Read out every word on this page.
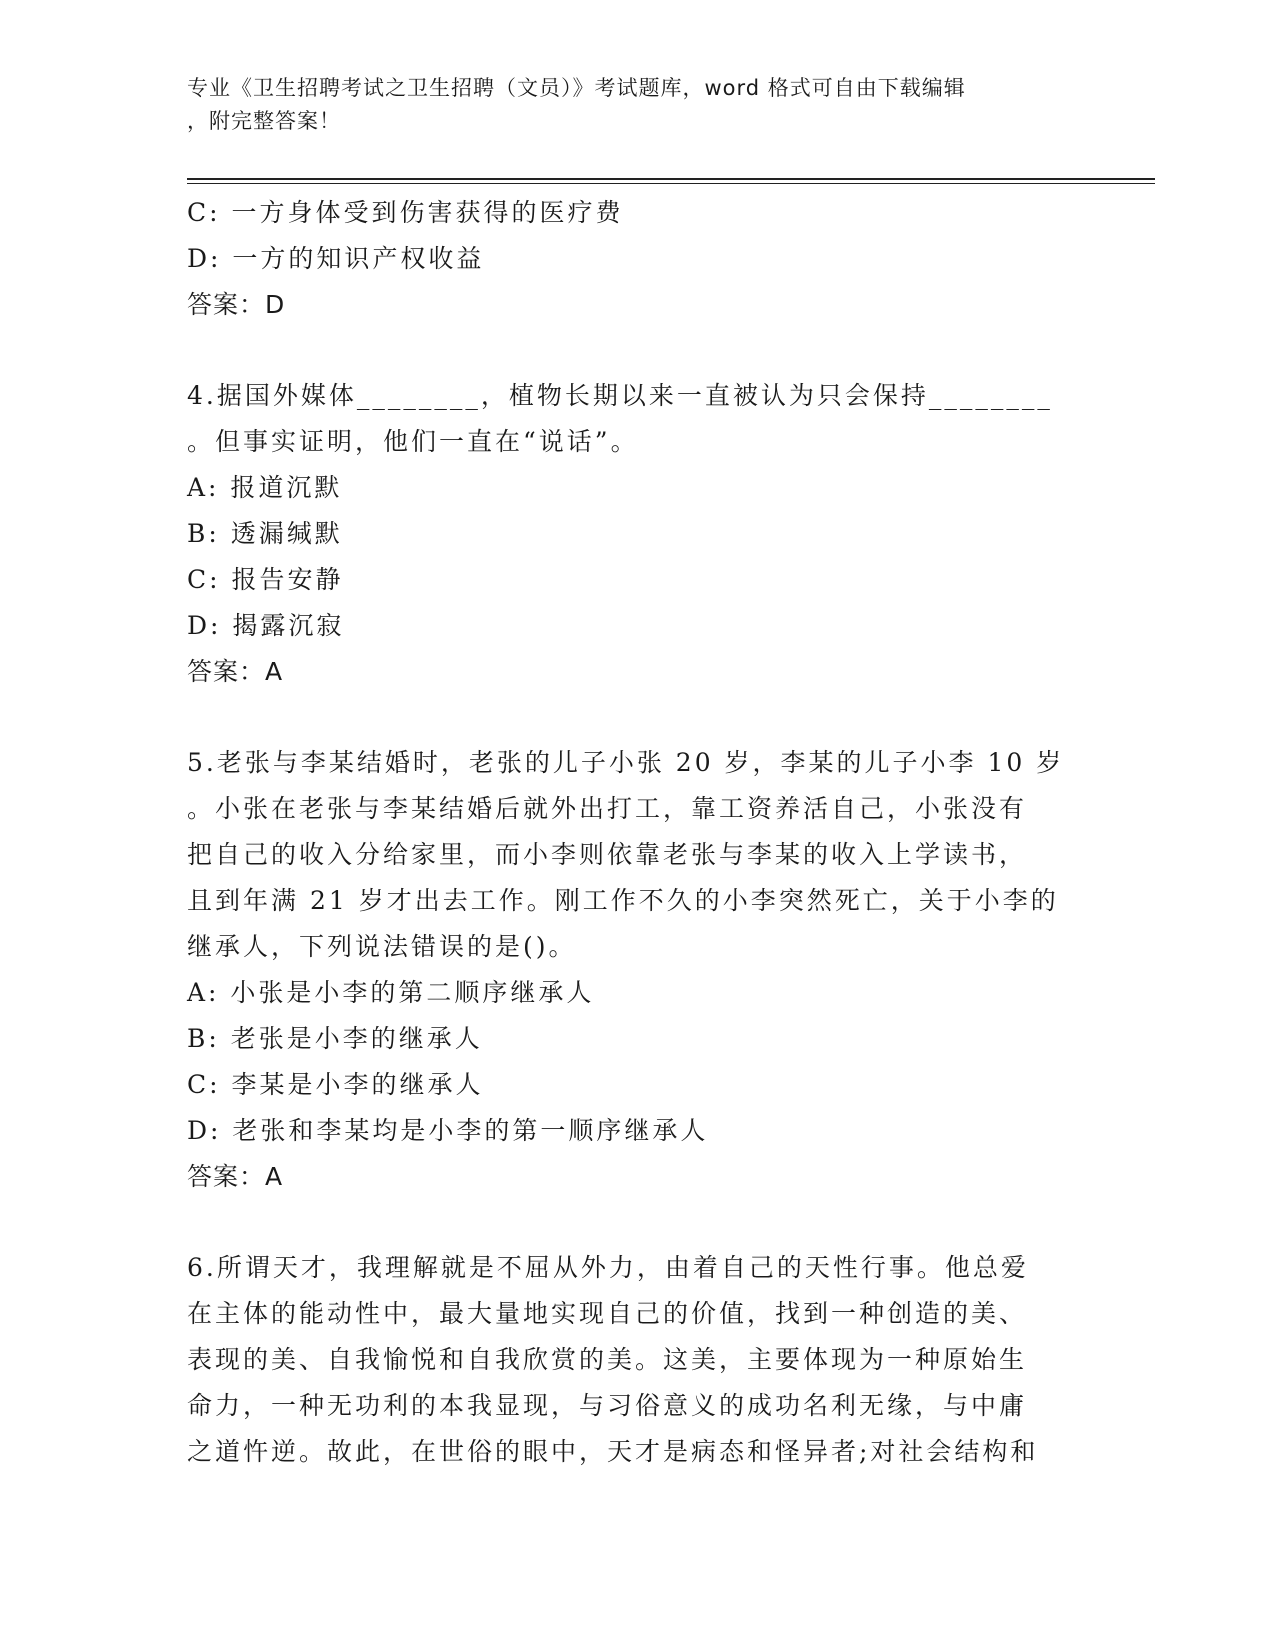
专业《卫生招聘考试之卫生招聘（文员）》考试题库，word 格式可自由下载编辑
，附完整答案！
C: 一方身体受到伤害获得的医疗费
D: 一方的知识产权收益
答案：D
4.据国外媒体________，植物长期以来一直被认为只会保持________
。但事实证明，他们一直在“说话”。
A: 报道沉默
B: 透漏缄默
C: 报告安静
D: 揭露沉寂
答案：A
5.老张与李某结婚时，老张的儿子小张 20 岁，李某的儿子小李 10 岁
。小张在老张与李某结婚后就外出打工，靠工资养活自己，小张没有
把自己的收入分给家里，而小李则依靠老张与李某的收入上学读书，
且到年满 21 岁才出去工作。刚工作不久的小李突然死亡，关于小李的
继承人，下列说法错误的是()。
A: 小张是小李的第二顺序继承人
B: 老张是小李的继承人
C: 李某是小李的继承人
D: 老张和李某均是小李的第一顺序继承人
答案：A
6.所谓天才，我理解就是不屈从外力，由着自己的天性行事。他总爱
在主体的能动性中，最大量地实现自己的价值，找到一种创造的美、
表现的美、自我愉悦和自我欣赏的美。这美，主要体现为一种原始生
命力，一种无功利的本我显现，与习俗意义的成功名利无缘，与中庸
之道忤逆。故此，在世俗的眼中，天才是病态和怪异者;对社会结构和
